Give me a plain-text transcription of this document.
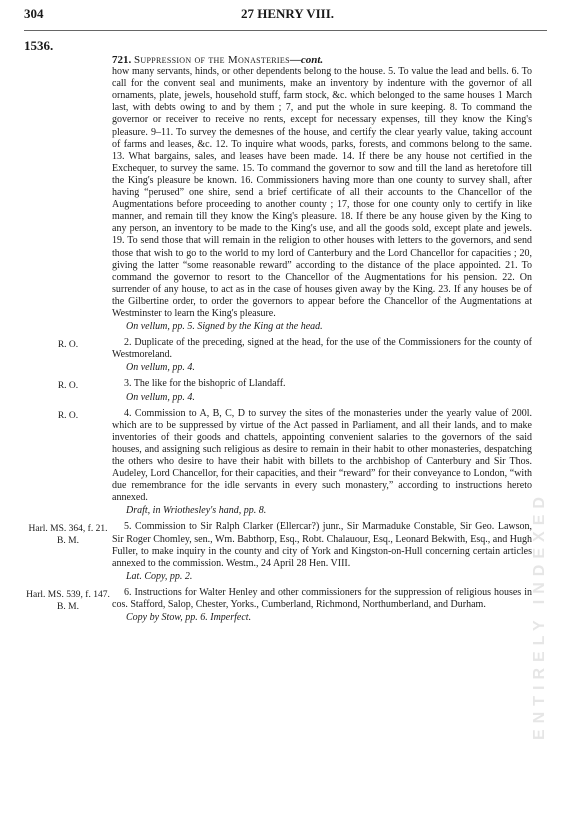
ENTIRELY INDEXED
304	27 HENRY VIII.
1536.
721. Suppression of the Monasteries—cont.

how many servants, hinds, or other dependents belong to the house. 5. To value the lead and bells. 6. To call for the convent seal and muniments, make an inventory by indenture with the governor of all ornaments, plate, jewels, household stuff, farm stock, &c. which belonged to the same houses 1 March last, with debts owing to and by them ; 7, and put the whole in sure keeping. 8. To command the governor or receiver to receive no rents, except for necessary expenses, till they know the King's pleasure. 9–11. To survey the demesnes of the house, and certify the clear yearly value, taking account of farms and leases, &c. 12. To inquire what woods, parks, forests, and commons belong to the same. 13. What bargains, sales, and leases have been made. 14. If there be any house not certified in the Exchequer, to survey the same. 15. To command the governor to sow and till the land as heretofore till the King's pleasure be known. 16. Commissioners having more than one county to survey shall, after having “perused” one shire, send a brief certificate of all their accounts to the Chancellor of the Augmentations before proceeding to another county ; 17, those for one county only to certify in like manner, and remain till they know the King's pleasure. 18. If there be any house given by the King to any person, an inventory to be made to the King's use, and all the goods sold, except plate and jewels. 19. To send those that will remain in the religion to other houses with letters to the governors, and send those that wish to go to the world to my lord of Canterbury and the Lord Chancellor for capacities ; 20, giving the latter “some reasonable reward” according to the distance of the place appointed. 21. To command the governor to resort to the Chancellor of the Augmentations for his pension. 22. On surrender of any house, to act as in the case of houses given away by the King. 23. If any houses be of the Gilbertine order, to order the governors to appear before the Chancellor of the Augmentations at Westminster to learn the King's pleasure.

On vellum, pp. 5. Signed by the King at the head.

R. O.	2. Duplicate of the preceding, signed at the head, for the use of the Commissioners for the county of Westmoreland.

On vellum, pp. 4.

R. O.	3. The like for the bishopric of Llandaff.

On vellum, pp. 4.

R. O.	4. Commission to A, B, C, D to survey the sites of the monasteries under the yearly value of 200l. which are to be suppressed by virtue of the Act passed in Parliament, and all their lands, and to make inventories of their goods and chattels, appointing convenient salaries to the governors of the said houses, and assigning such religious as desire to remain in their habit to other monasteries, despatching the others who desire to have their habit with billets to the archbishop of Canterbury and Sir Thos. Audeley, Lord Chancellor, for their capacities, and their “reward” for their conveyance to London, “with due remembrance for the idle servants in every such monastery,” according to instructions hereto annexed.

Draft, in Wriothesley's hand, pp. 8.

Harl. MS. 364, f. 21. B. M.

5. Commission to Sir Ralph Clarker (Ellercar?) junr., Sir Marmaduke Constable, Sir Geo. Lawson, Sir Roger Chomley, sen., Wm. Babthorp, Esq., Robt. Chalauour, Esq., Leonard Bekwith, Esq., and Hugh Fuller, to make inquiry in the county and city of York and Kingston-on-Hull concerning certain articles annexed to the commission. Westm., 24 April 28 Hen. VIII.

Lat. Copy, pp. 2.

Harl. MS. 539, f. 147. B. M.

6. Instructions for Walter Henley and other commissioners for the suppression of religious houses in cos. Stafford, Salop, Chester, Yorks., Cumberland, Richmond, Northumberland, and Durham.

Copy by Stow, pp. 6. Imperfect.
